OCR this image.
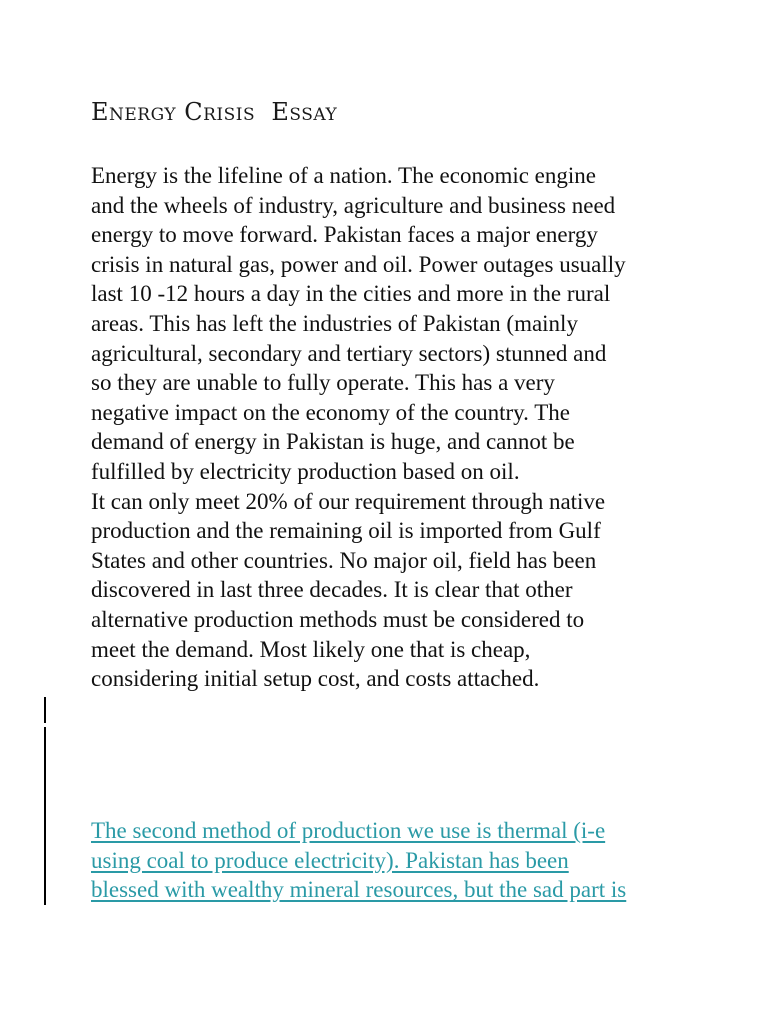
Energy Crisis  Essay
Energy is the lifeline of a nation. The economic engine
and the wheels of industry, agriculture and business need
energy to move forward. Pakistan faces a major energy
crisis in natural gas, power and oil. Power outages usually
last 10 -12 hours a day in the cities and more in the rural
areas. This has left the industries of Pakistan (mainly
agricultural, secondary and tertiary sectors) stunned and
so they are unable to fully operate. This has a very
negative impact on the economy of the country. The
demand of energy in Pakistan is huge, and cannot be
fulfilled by electricity production based on oil.
It can only meet 20% of our requirement through native
production and the remaining oil is imported from Gulf
States and other countries. No major oil, field has been
discovered in last three decades. It is clear that other
alternative production methods must be considered to
meet the demand. Most likely one that is cheap,
considering initial setup cost, and costs attached.
The second method of production we use is thermal (i-e
using coal to produce electricity). Pakistan has been
blessed with wealthy mineral resources, but the sad part is
